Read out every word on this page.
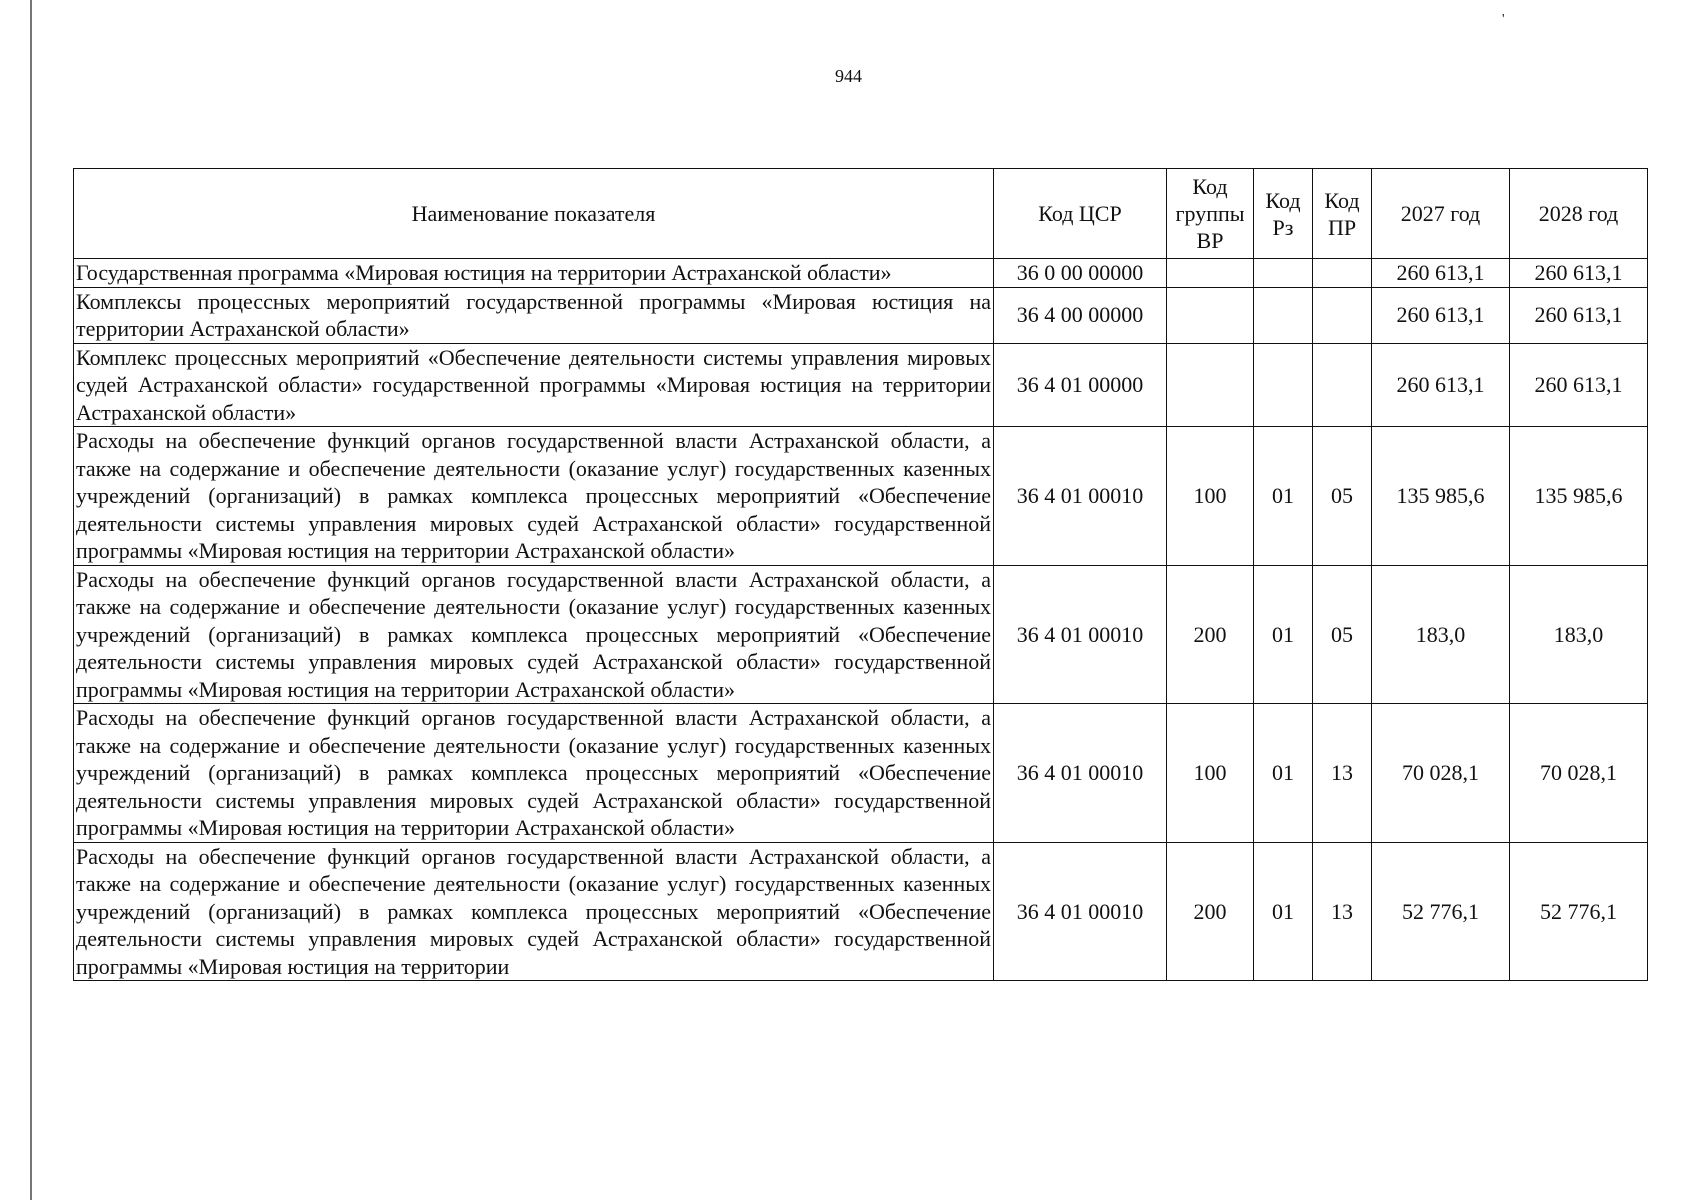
'
944
Наименование показателя	Код ЦСР	Код группы ВР	Код Рз	Код ПР	2027 год	2028 год
Государственная программа «Мировая юстиция на территории Астраханской области»	36 0 00 00000				260 613,1	260 613,1
Комплексы процессных мероприятий государственной программы «Мировая юстиция на территории Астраханской области»	36 4 00 00000				260 613,1	260 613,1
Комплекс процессных мероприятий «Обеспечение деятельности системы управления мировых судей Астраханской области» государственной программы «Мировая юстиция на территории Астраханской области»	36 4 01 00000				260 613,1	260 613,1
Расходы на обеспечение функций органов государственной власти Астраханской области, а также на содержание и обеспечение деятельности (оказание услуг) государственных казенных учреждений (организаций) в рамках комплекса процессных мероприятий «Обеспечение деятельности системы управления мировых судей Астраханской области» государственной программы «Мировая юстиция на территории Астраханской области»	36 4 01 00010	100	01	05	135 985,6	135 985,6
Расходы на обеспечение функций органов государственной власти Астраханской области, а также на содержание и обеспечение деятельности (оказание услуг) государственных казенных учреждений (организаций) в рамках комплекса процессных мероприятий «Обеспечение деятельности системы управления мировых судей Астраханской области» государственной программы «Мировая юстиция на территории Астраханской области»	36 4 01 00010	200	01	05	183,0	183,0
Расходы на обеспечение функций органов государственной власти Астраханской области, а также на содержание и обеспечение деятельности (оказание услуг) государственных казенных учреждений (организаций) в рамках комплекса процессных мероприятий «Обеспечение деятельности системы управления мировых судей Астраханской области» государственной программы «Мировая юстиция на территории Астраханской области»	36 4 01 00010	100	01	13	70 028,1	70 028,1
Расходы на обеспечение функций органов государственной власти Астраханской области, а также на содержание и обеспечение деятельности (оказание услуг) государственных казенных учреждений (организаций) в рамках комплекса процессных мероприятий «Обеспечение деятельности системы управления мировых судей Астраханской области» государственной программы «Мировая юстиция на территории	36 4 01 00010	200	01	13	52 776,1	52 776,1
